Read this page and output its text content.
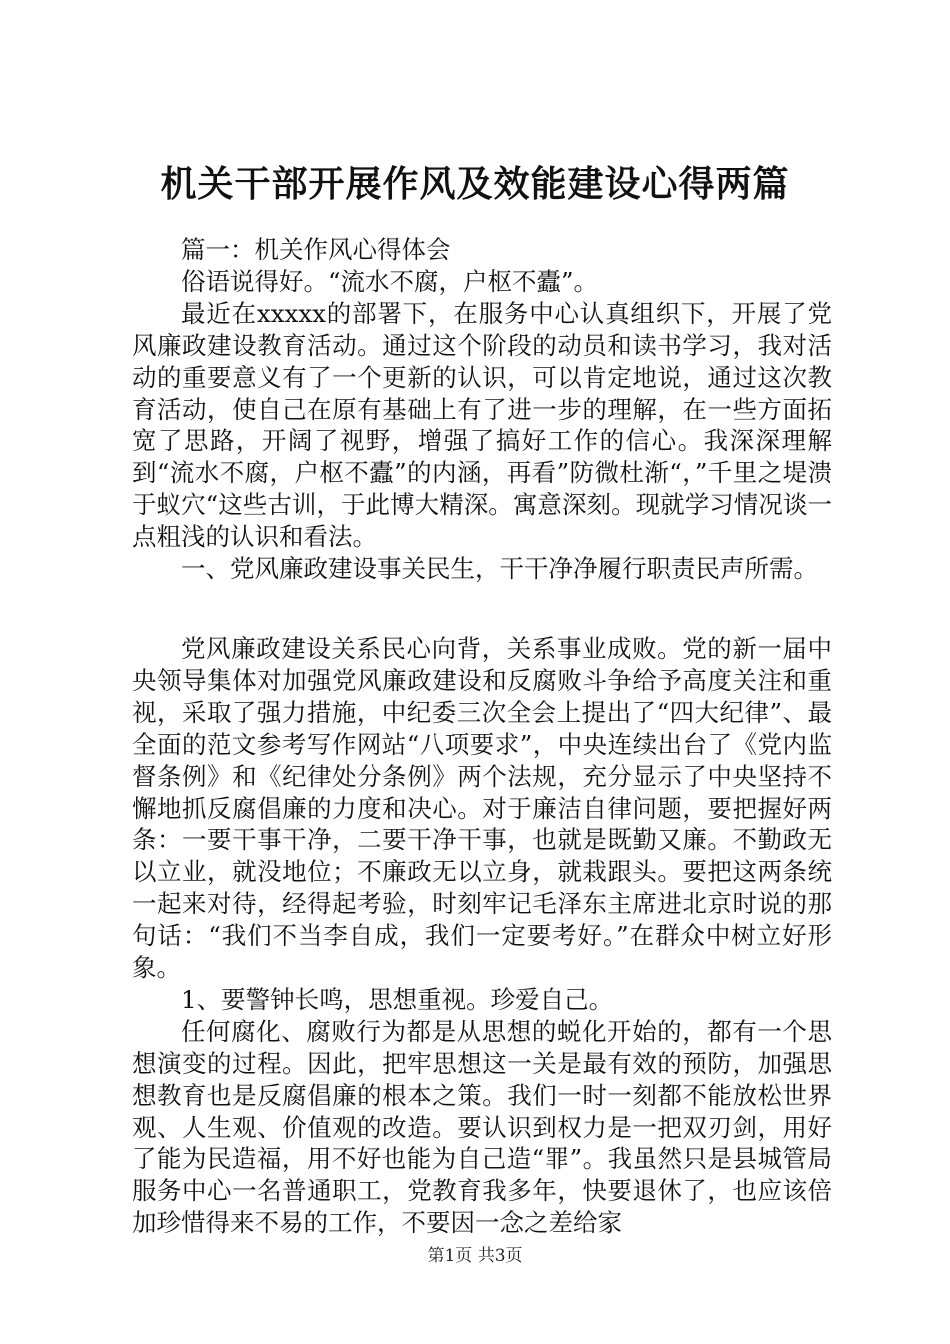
机关干部开展作风及效能建设心得两篇

篇一：机关作风心得体会

俗语说得好。“流水不腐，户枢不蠹”。

最近在xxxxx的部署下，在服务中心认真组织下，开展了党风廉政建设教育活动。通过这个阶段的动员和读书学习，我对活动的重要意义有了一个更新的认识，可以肯定地说，通过这次教育活动，使自己在原有基础上有了进一步的理解，在一些方面拓宽了思路，开阔了视野，增强了搞好工作的信心。我深深理解到“流水不腐，户枢不蠹”的内涵，再看”防微杜渐“，”千里之堤溃于蚁穴“这些古训，于此博大精深。寓意深刻。现就学习情况谈一点粗浅的认识和看法。

一、党风廉政建设事关民生，干干净净履行职责民声所需。

党风廉政建设关系民心向背，关系事业成败。党的新一届中央领导集体对加强党风廉政建设和反腐败斗争给予高度关注和重视，采取了强力措施，中纪委三次全会上提出了“四大纪律”、最全面的范文参考写作网站“八项要求”，中央连续出台了《党内监督条例》和《纪律处分条例》两个法规，充分显示了中央坚持不懈地抓反腐倡廉的力度和决心。对于廉洁自律问题，要把握好两条：一要干事干净，二要干净干事，也就是既勤又廉。不勤政无以立业，就没地位；不廉政无以立身，就栽跟头。要把这两条统一起来对待，经得起考验，时刻牢记毛泽东主席进北京时说的那句话：“我们不当李自成，我们一定要考好。”在群众中树立好形象。

1、要警钟长鸣，思想重视。珍爱自己。

任何腐化、腐败行为都是从思想的蜕化开始的，都有一个思想演变的过程。因此，把牢思想这一关是最有效的预防，加强思想教育也是反腐倡廉的根本之策。我们一时一刻都不能放松世界观、人生观、价值观的改造。要认识到权力是一把双刃剑，用好了能为民造福，用不好也能为自己造“罪”。我虽然只是县城管局服务中心一名普通职工，党教育我多年，快要退休了，也应该倍加珍惜得来不易的工作，不要因一念之差给家

第1页 共3页
